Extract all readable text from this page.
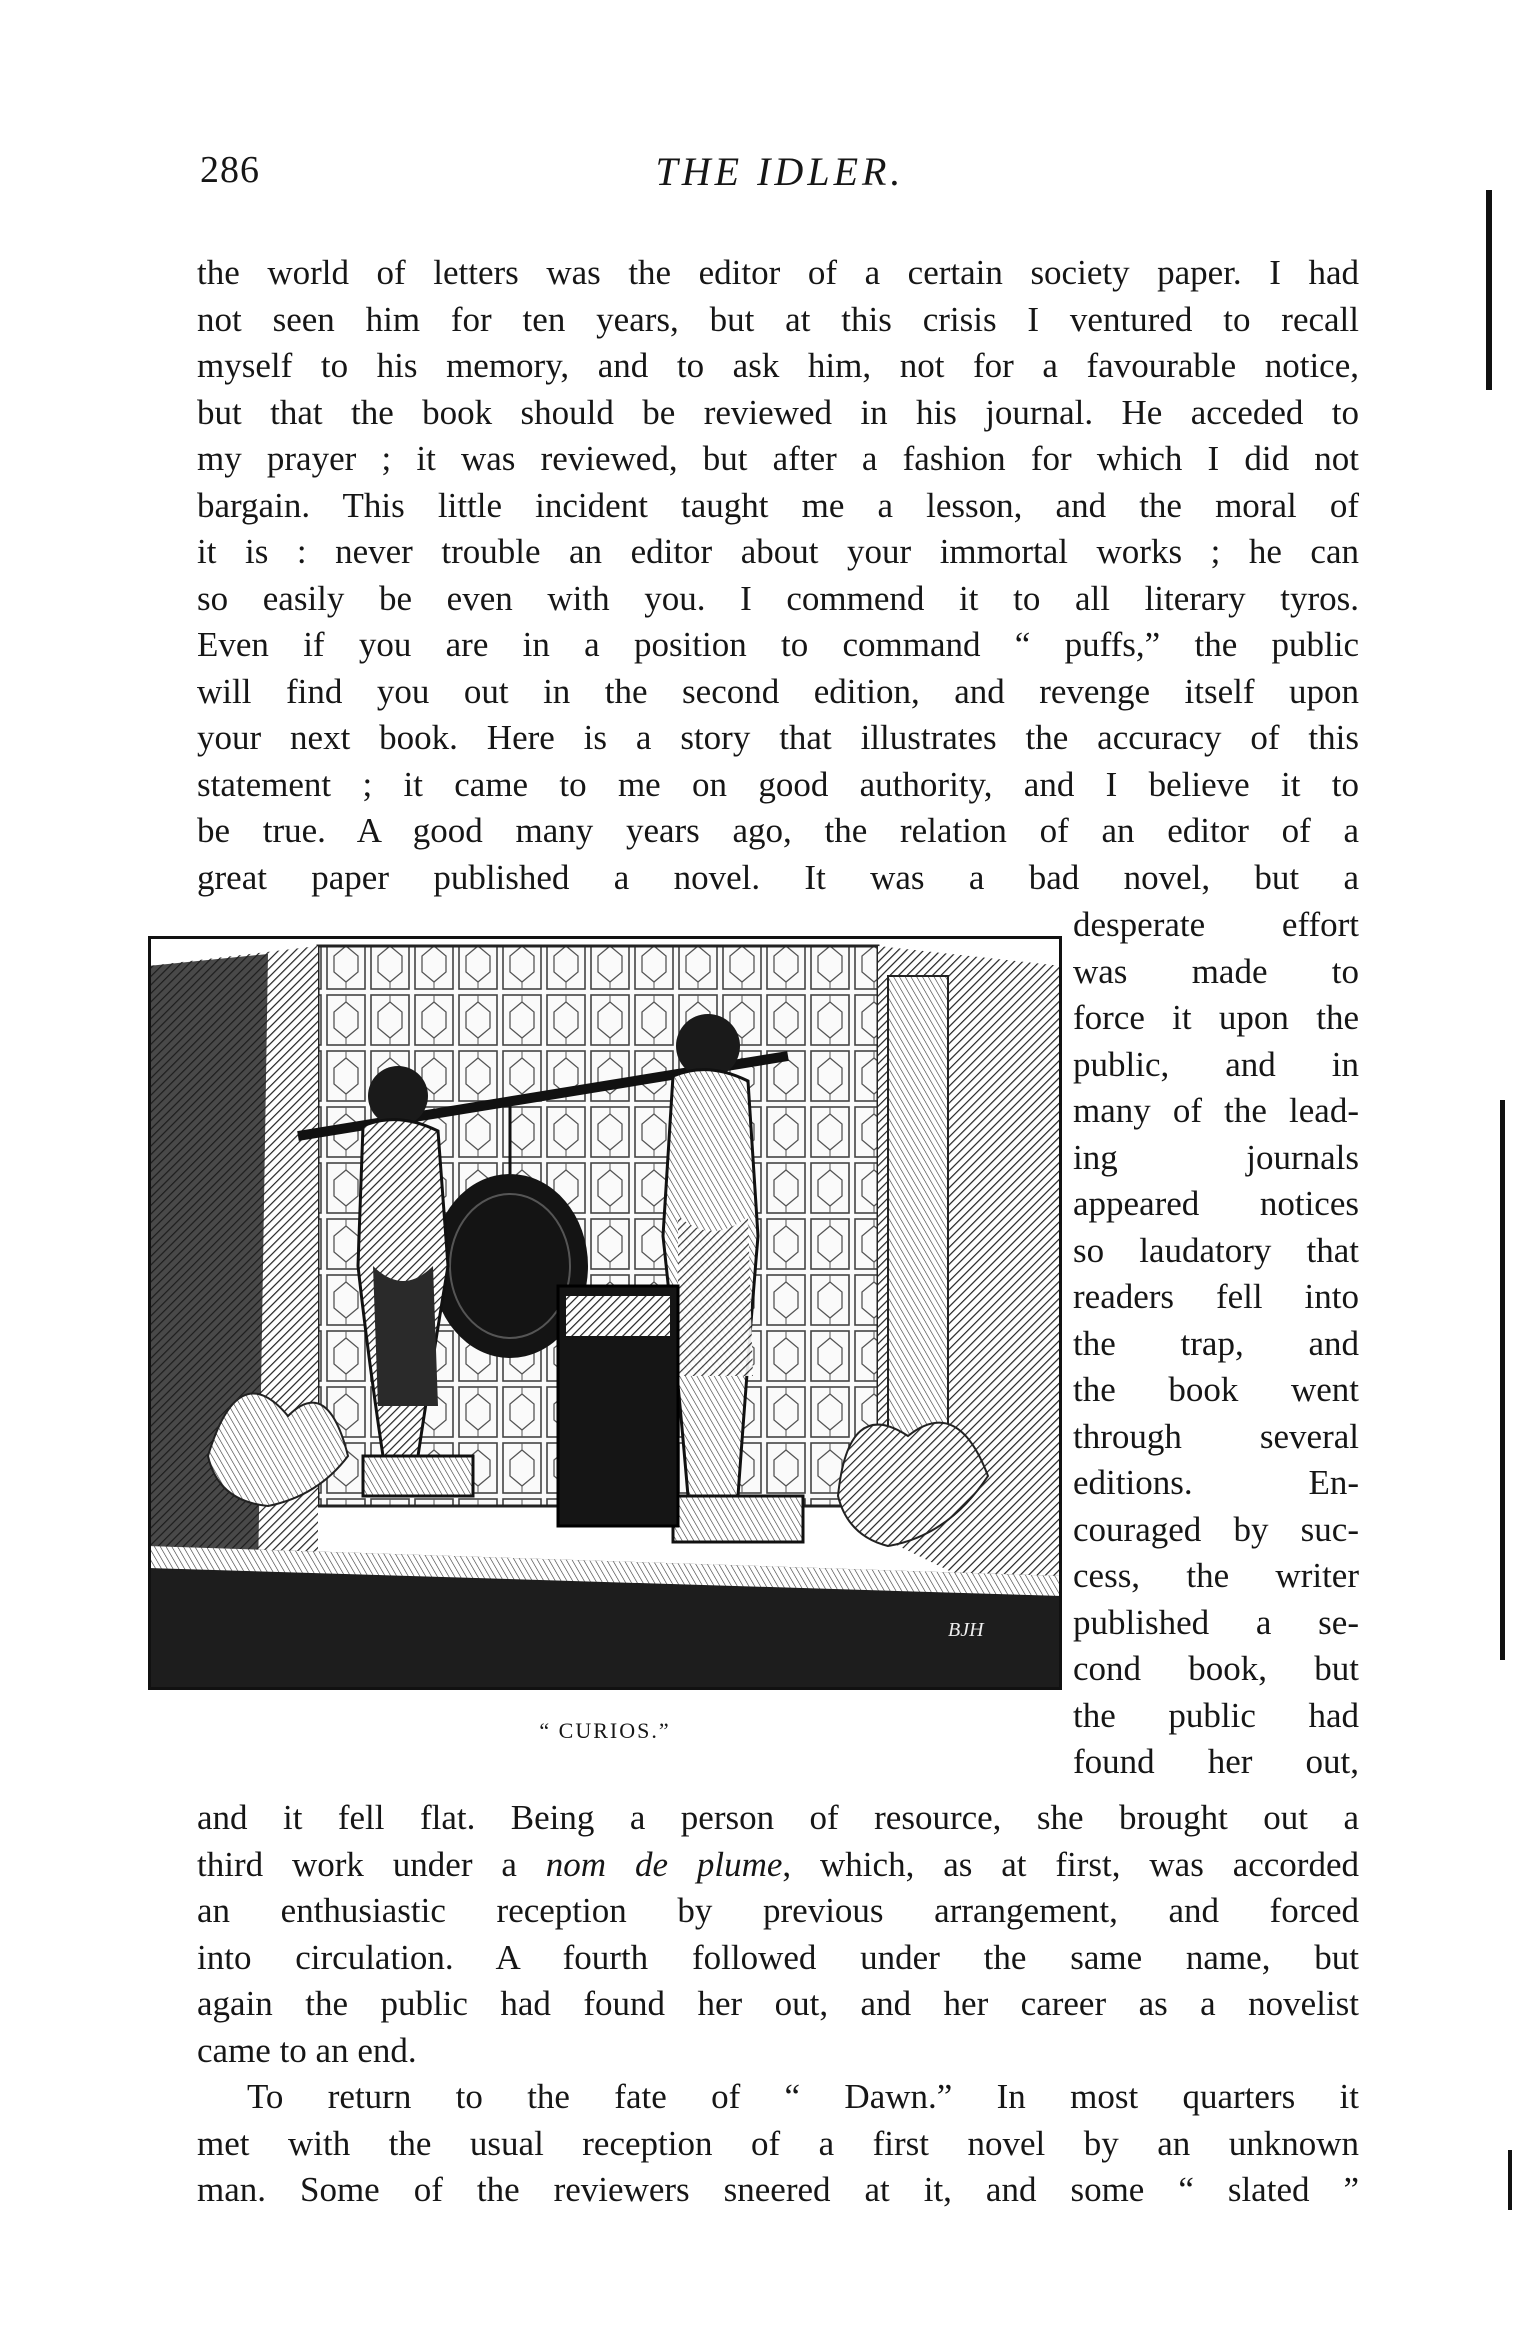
286	THE IDLER.
the world of letters was the editor of a certain society paper. I had
not seen him for ten years, but at this crisis I ventured to recall
myself to his memory, and to ask him, not for a favourable notice,
but that the book should be reviewed in his journal. He acceded to
my prayer ; it was reviewed, but after a fashion for which I did not
bargain. This little incident taught me a lesson, and the moral of
it is : never trouble an editor about your immortal works ; he can
so easily be even with you. I commend it to all literary tyros.
Even if you are in a position to command “ puffs,” the public
will find you out in the second edition, and revenge itself upon
your next book. Here is a story that illustrates the accuracy of this
statement ; it came to me on good authority, and I believe it to
be true. A good many years ago, the relation of an editor of a
great paper published a novel. It was a bad novel, but a
BJH
“ CURIOS.”
desperate effort
was made to
force it upon the
public, and in
many of the lead-
ing journals
appeared notices
so laudatory that
readers fell into
the trap, and
the book went
through several
editions. En-
couraged by suc-
cess, the writer
published a se-
cond book, but
the public had
found her out,
and it fell flat. Being a person of resource, she brought out a
third work under a nom de plume, which, as at first, was accorded
an enthusiastic reception by previous arrangement, and forced
into circulation. A fourth followed under the same name, but
again the public had found her out, and her career as a novelist
came to an end.
To return to the fate of “ Dawn.” In most quarters it
met with the usual reception of a first novel by an unknown
man. Some of the reviewers sneered at it, and some “ slated ”
